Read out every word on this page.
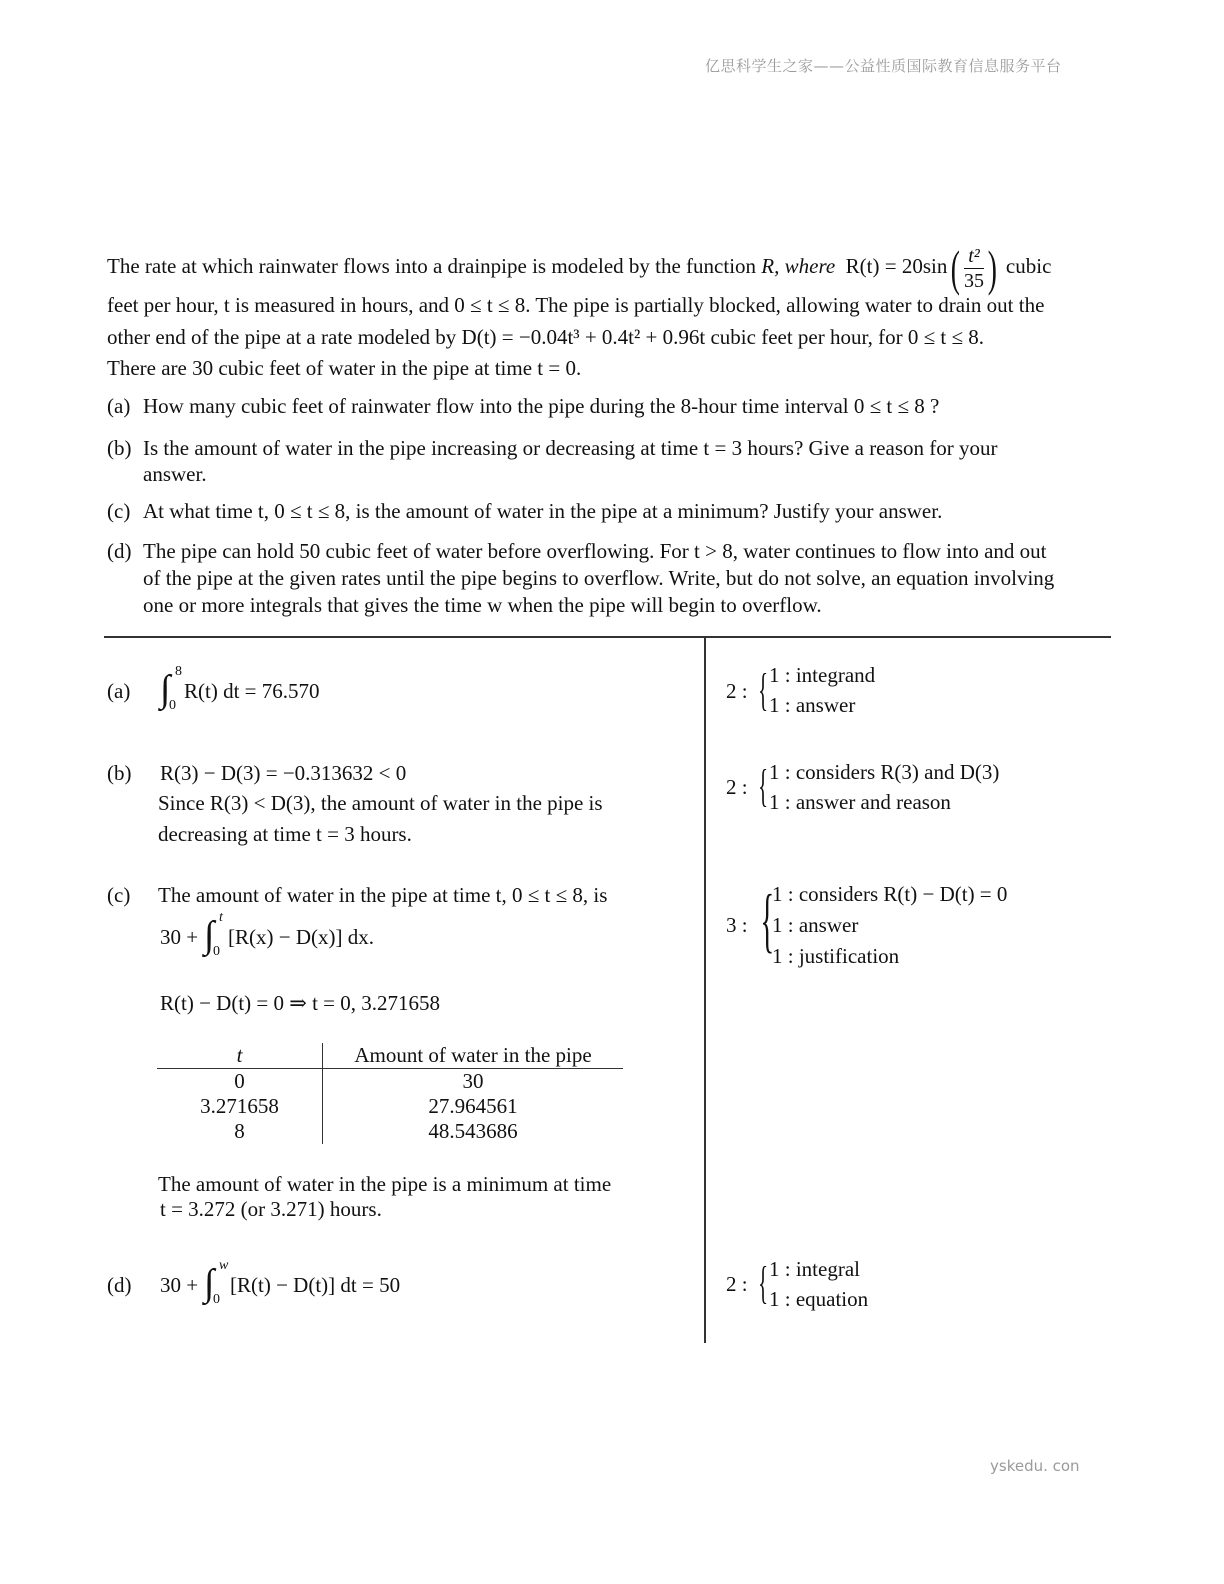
亿思科学生之家——公益性质国际教育信息服务平台
The rate at which rainwater flows into a drainpipe is modeled by the function R, where $R(t) = 20\sin( \frac{\text{t²}}{35}$ ) cubic
feet per hour, t is measured in hours, and 0 ≤ t ≤ 8. The pipe is partially blocked, allowing water to drain out the
other end of the pipe at a rate modeled by D(t) = −0.04t³ + 0.4t² + 0.96t cubic feet per hour, for 0 ≤ t ≤ 8.
There are 30 cubic feet of water in the pipe at time t = 0.
(a) How many cubic feet of rainwater flow into the pipe during the 8-hour time interval 0 ≤ t ≤ 8 ?
(b) Is the amount of water in the pipe increasing or decreasing at time t = 3 hours? Give a reason for your
answer.
(c) At what time t, 0 ≤ t ≤ 8, is the amount of water in the pipe at a minimum? Justify your answer.
(d) The pipe can hold 50 cubic feet of water before overflowing. For t > 8, water continues to flow into and out
of the pipe at the given rates until the pipe begins to overflow. Write, but do not solve, an equation involving
one or more integrals that gives the time w when the pipe will begin to overflow.
(a) ∫ 8
0
R(t) dt = 76.570
(b) R(3) − D(3) = −0.313632 < 0
Since R(3) < D(3), the amount of water in the pipe is
decreasing at time t = 3 hours.
(c) The amount of water in the pipe at time t, 0 ≤ t ≤ 8, is
30 + ∫ t
0
[R(x) − D(x)] dx.
R(t) − D(t) = 0 ⇒ t = 0, 3.271658
t	Amount of water in the pipe
0	30
3.271658	27.964561
8	48.543686
The amount of water in the pipe is a minimum at time
t = 3.272 (or 3.271) hours.
(d) 30 + ∫ w
0
[R(t) − D(t)] dt = 50
2 : { 1 : integrand
1 : answer
2 : { 1 : considers R(3) and D(3)
1 : answer and reason
3 : {
1 : considers R(t) − D(t) = 0
1 : answer
1 : justification
2 : { 1 : integral
1 : equation
yskedu. con
